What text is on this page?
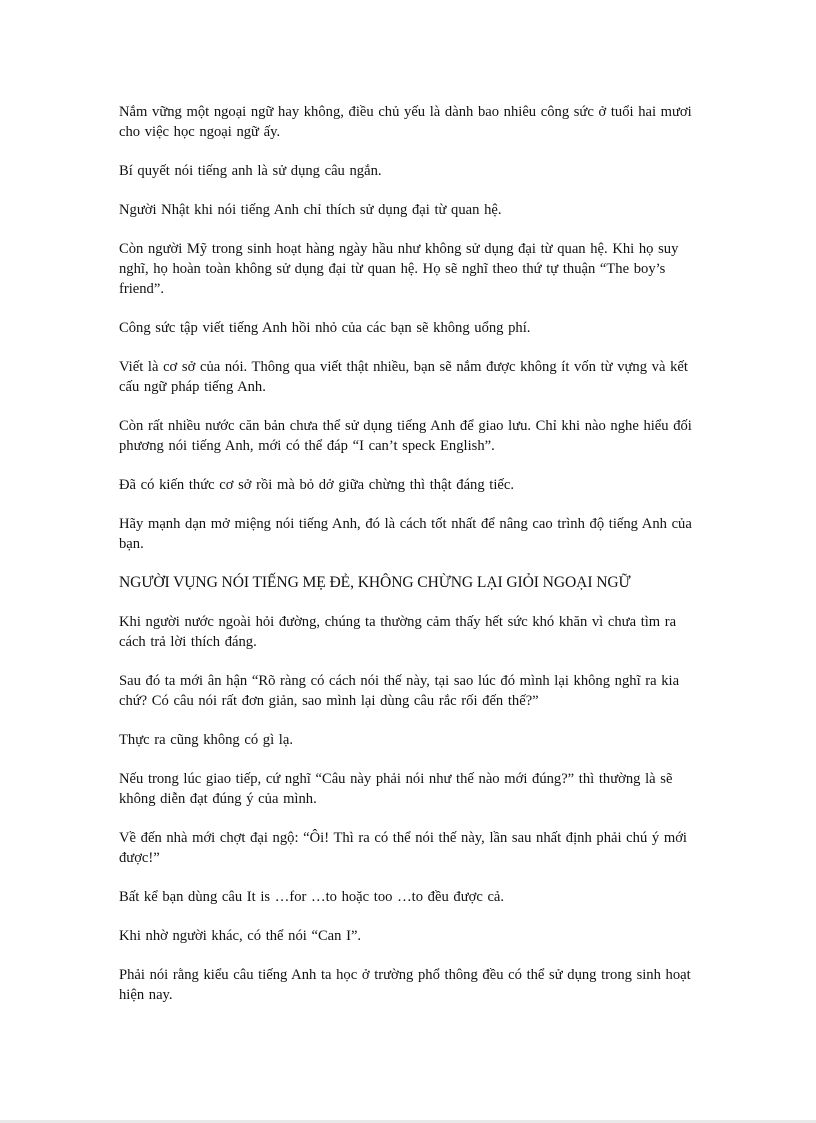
Nắm vững một ngoại ngữ hay không, điều chủ yếu là dành bao nhiêu công sức ở tuổi hai mươi cho việc học ngoại ngữ ấy.

Bí quyết nói tiếng anh là sử dụng câu ngắn.

Người Nhật khi nói tiếng Anh chỉ thích sử dụng đại từ quan hệ.

Còn người Mỹ trong sinh hoạt hàng ngày hầu như không sử dụng đại từ quan hệ. Khi họ suy nghĩ, họ hoàn toàn không sử dụng đại từ quan hệ. Họ sẽ nghĩ theo thứ tự thuận “The boy’s friend”.

Công sức tập viết tiếng Anh hồi nhỏ của các bạn sẽ không uổng phí.

Viết là cơ sở của nói. Thông qua viết thật nhiều, bạn sẽ nắm được không ít vốn từ vựng và kết cấu ngữ pháp tiếng Anh.

Còn rất nhiều nước căn bản chưa thể sử dụng tiếng Anh để giao lưu. Chỉ khi nào nghe hiểu đối phương nói tiếng Anh, mới có thể đáp “I can’t speck English”.

Đã có kiến thức cơ sở rồi mà bỏ dở giữa chừng thì thật đáng tiếc.

Hãy mạnh dạn mở miệng nói tiếng Anh, đó là cách tốt nhất để nâng cao trình độ tiếng Anh của bạn.

NGƯỜI VỤNG NÓI TIẾNG MẸ ĐẺ, KHÔNG CHỪNG LẠI GIỎI NGOẠI NGỮ

Khi người nước ngoài hỏi đường, chúng ta thường cảm thấy hết sức khó khăn vì chưa tìm ra cách trả lời thích đáng.

Sau đó ta mới ân hận “Rõ ràng có cách nói thế này, tại sao lúc đó mình lại không nghĩ ra kia chứ? Có câu nói rất đơn giản, sao mình lại dùng câu rắc rối đến thế?”

Thực ra cũng không có gì lạ.

Nếu trong lúc giao tiếp, cứ nghĩ “Câu này phải nói như thế nào mới đúng?” thì thường là sẽ không diễn đạt đúng ý của mình.

Về đến nhà mới chợt đại ngộ: “Ôi! Thì ra có thể nói thế này, lần sau nhất định phải chú ý mới được!”

Bất kể bạn dùng câu It is …for …to hoặc too …to đều được cả.

Khi nhờ người khác, có thể nói “Can I”.

Phải nói rằng kiểu câu tiếng Anh ta học ở trường phổ thông đều có thể sử dụng trong sinh hoạt hiện nay.
